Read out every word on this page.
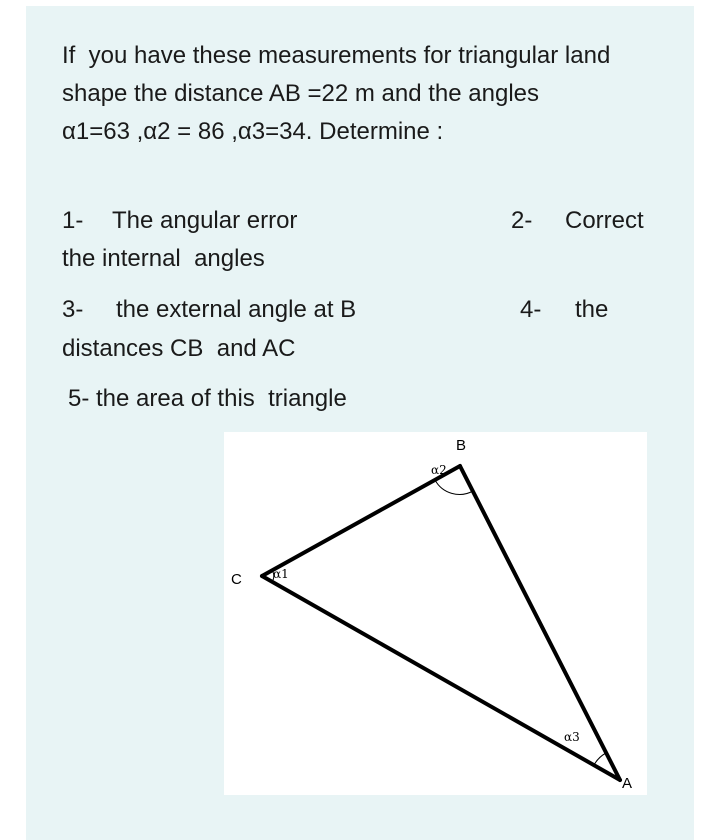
If  you have these measurements for triangular land
shape the distance AB =22 m and the angles
α1=63 ,α2 = 86 ,α3=34. Determine :
1- The angular error	2- Correct
the internal  angles
3- the external angle at B	4- the
distances CB  and AC
5- the area of this  triangle
B
C
A
α2
α1
α3
